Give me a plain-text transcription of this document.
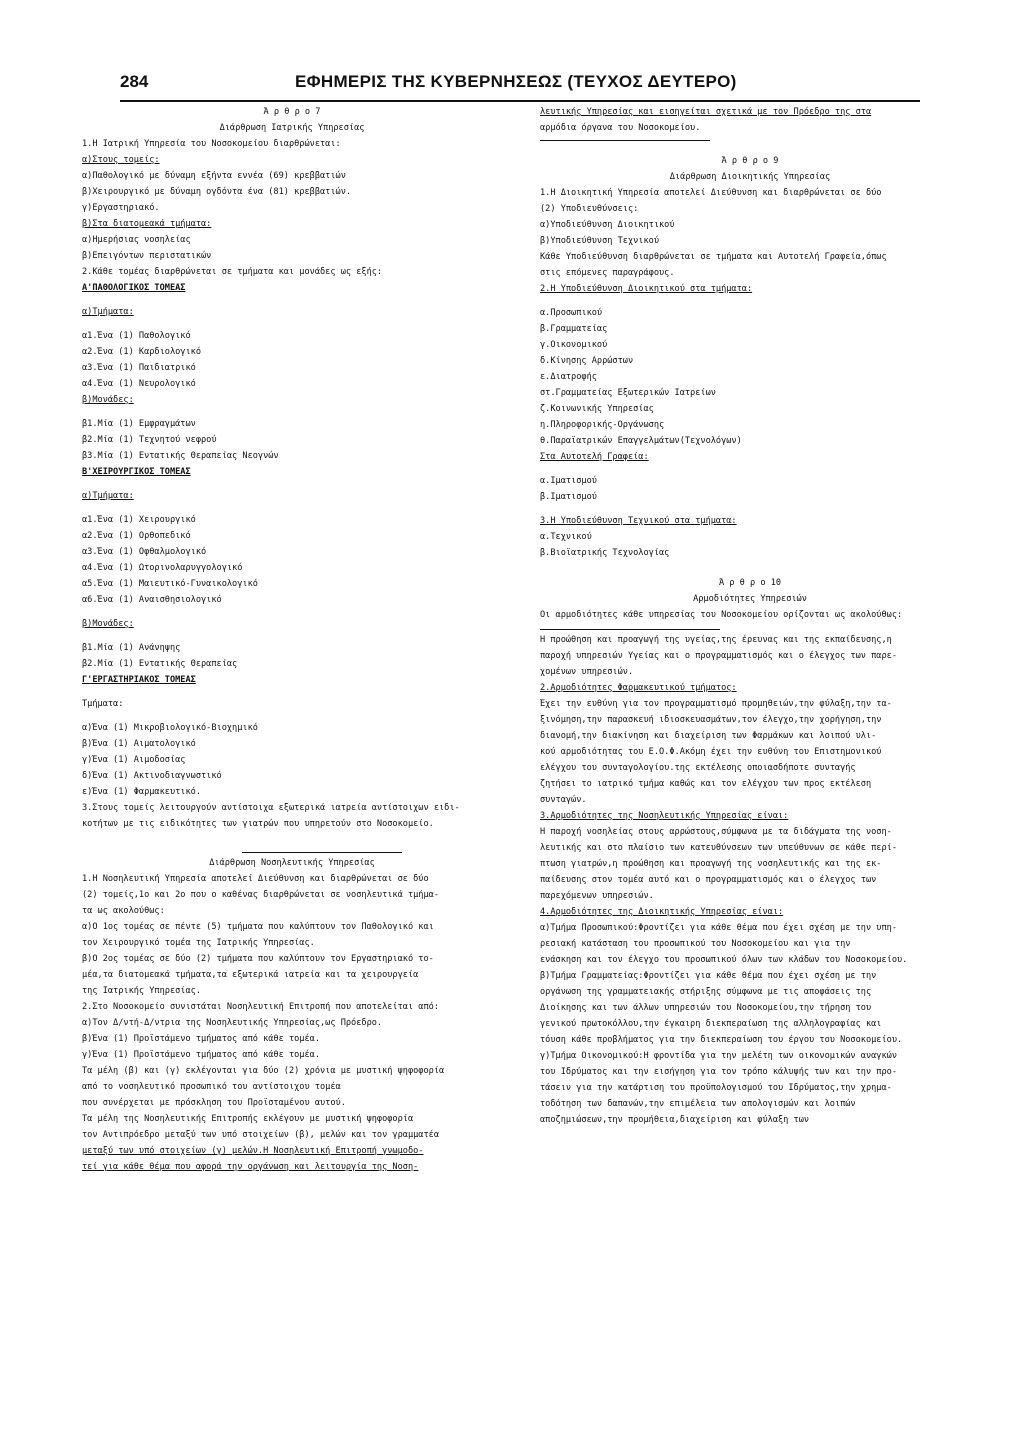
284	ΕΦΗΜΕΡΙΣ ΤΗΣ ΚΥΒΕΡΝΗΣΕΩΣ (ΤΕΥΧΟΣ ΔΕΥΤΕΡΟ)
Ά ρ θ ρ ο 7
Διάρθρωση Ιατρικής Υπηρεσίας
1.Η Ιατρική Υπηρεσία του Νοσοκομείου διαρθρώνεται:
α)Στους τομείς:
α)Παθολογικό με δύναμη εξήντα εννέα (69) κρεββατιών
β)Χειρουργικό με δύναμη ογδόντα ένα (81) κρεββατιών.
γ)Εργαστηριακό.
β)Στα διατομεακά τμήματα:
α)Ημερήσιας νοσηλείας
β)Επειγόντων περιστατικών
2.Κάθε τομέας διαρθρώνεται σε τμήματα και μονάδες ως εξής:
Α'ΠΑΘΟΛΟΓΙΚΟΣ ΤΟΜΕΑΣ
α)Τμήματα:
α1.Ένα (1) Παθολογικό
α2.Ένα (1) Καρδιολογικό
α3.Ένα (1) Παιδιατρικό
α4.Ένα (1) Νευρολογικό
β)Μονάδες:
β1.Μία (1) Εμφραγμάτων
β2.Μία (1) Τεχνητού νεφρού
β3.Μία (1) Εντατικής Θεραπείας Νεογνών
Β'ΧΕΙΡΟΥΡΓΙΚΟΣ ΤΟΜΕΑΣ
α)Τμήματα:
α1.Ένα (1) Χειρουργικό
α2.Ένα (1) Ορθοπεδικό
α3.Ένα (1) Οφθαλμολογικό
α4.Ένα (1) Ωτορινολαρυγγολογικό
α5.Ένα (1) Μαιευτικό-Γυναικολογικό
α6.Ένα (1) Αναισθησιολογικό
β)Μονάδες:
β1.Μία (1) Ανάνηψης
β2.Μία (1) Εντατικής Θεραπείας
Γ'ΕΡΓΑΣΤΗΡΙΑΚΟΣ ΤΟΜΕΑΣ
Τμήματα:
α)Ένα (1) Μικροβιολογικό-Βιοχημικό
β)Ένα (1) Αιματολογικό
γ)Ένα (1) Αιμοδοσίας
δ)Ένα (1) Ακτινοδιαγνωστικό
ε)Ένα (1) Φαρμακευτικό.
3.Στους τομείς λειτουργούν αντίστοιχα εξωτερικά ιατρεία αντίστοιχων ειδι-
κοτήτων με τις ειδικότητες των γιατρών που υπηρετούν στο Νοσοκομείο.
Διάρθρωση Νοσηλευτικής Υπηρεσίας
1.Η Νοσηλευτική Υπηρεσία αποτελεί Διεύθυνση και διαρθρώνεται σε δύο
(2) τομείς,1ο και 2ο που ο καθένας διαρθρώνεται σε νοσηλευτικά τμήμα-
τα ως ακολούθως:
α)Ο 1ος τομέας σε πέντε (5) τμήματα που καλύπτουν τον Παθολογικό και
τον Χειρουργικό τομέα της Ιατρικής Υπηρεσίας.
β)Ο 2ος τομέας σε δύο (2) τμήματα που καλύπτουν τον Εργαστηριακό το-
μέα,τα διατομεακά τμήματα,τα εξωτερικά ιατρεία και τα χειρουργεία
της Ιατρικής Υπηρεσίας.
2.Στο Νοσοκομείο συνιστάται Νοσηλευτική Επιτροπή που αποτελείται από:
α)Τον Δ/ντή-Δ/ντρια της Νοσηλευτικής Υπηρεσίας,ως Πρόεδρο.
β)Ένα (1) Προϊστάμενο τμήματος από κάθε τομέα.
γ)Ένα (1) Προϊστάμενο τμήματος από κάθε τομέα.
Τα μέλη (β) και (γ) εκλέγονται για δύο (2) χρόνια με μυστική ψηφοφορία
από το νοσηλευτικό προσωπικό του αντίστοιχου τομέα
που συνέρχεται με πρόσκληση του Προϊσταμένου αυτού.
Τα μέλη της Νοσηλευτικής Επιτροπής εκλέγουν με μυστική ψηφοφορία
τον Αντιπρόεδρο μεταξύ των υπό στοιχείων (β), μελών και τον γραμματέα
μεταξύ των υπό στοιχείων (γ) μελών.Η Νοσηλευτική Επιτροπή γνωμοδο-
τεί για κάθε θέμα που αφορά την οργάνωση και λειτουργία της Νοση-
λευτικής Υπηρεσίας και εισηγείται σχετικά με τον Πρόεδρο της στα
αρμόδια όργανα του Νοσοκομείου.
Ά ρ θ ρ ο 9
Διάρθρωση Διοικητικής Υπηρεσίας
1.Η Διοικητική Υπηρεσία αποτελεί Διεύθυνση και διαρθρώνεται σε δύο
(2) Υποδιευθύνσεις:
α)Υποδιεύθυνση Διοικητικού
β)Υποδιεύθυνση Τεχνικού
Κάθε Υποδιεύθυνση διαρθρώνεται σε τμήματα και Αυτοτελή Γραφεία,όπως
στις επόμενες παραγράφους.
2.Η Υποδιεύθυνση Διοικητικού στα τμήματα:
α.Προσωπικού
β.Γραμματείας
γ.Οικονομικού
δ.Κίνησης Αρρώστων
ε.Διατροφής
στ.Γραμματείας Εξωτερικών Ιατρείων
ζ.Κοινωνικής Υπηρεσίας
η.Πληροφορικής-Οργάνωσης
θ.Παραϊατρικών Επαγγελμάτων(Τεχνολόγων)
Στα Αυτοτελή Γραφεία:
α.Ιματισμού
β.Ιματισμού
3.Η Υποδιεύθυνση Τεχνικού στα τμήματα:
α.Τεχνικού
β.Βιοϊατρικής Τεχνολογίας
Ά ρ θ ρ ο 10
Αρμοδιότητες Υπηρεσιών
Οι αρμοδιότητες κάθε υπηρεσίας του Νοσοκομείου ορίζονται ως ακολούθως:
Η προώθηση και προαγωγή της υγείας,της έρευνας και της εκπαίδευσης,η
παροχή υπηρεσιών Υγείας και ο προγραμματισμός και ο έλεγχος των παρε-
χομένων υπηρεσιών.
2.Αρμοδιότητες Φαρμακευτικού τμήματος:
Έχει την ευθύνη για τον προγραμματισμό προμηθειών,την φύλαξη,την τα-
ξινόμηση,την παρασκευή ιδιοσκευασμάτων,τον έλεγχο,την χορήγηση,την
διανομή,την διακίνηση και διαχείριση των Φαρμάκων και λοιπού υλι-
κού αρμοδιότητας του Ε.Ο.Φ.Ακόμη έχει την ευθύνη του Επιστημονικού
ελέγχου του συνταγολογίου.της εκτέλεσης οποιασδήποτε συνταγής
ζητήσει το ιατρικό τμήμα καθώς και τον ελέγχου των προς εκτέλεση
συνταγών.
3.Αρμοδιότητες της Νοσηλευτικής Υπηρεσίας είναι:
Η παροχή νοσηλείας στους αρρώστους,σύμφωνα με τα διδάγματα της νοση-
λευτικής και στο πλαίσιο των κατευθύνσεων των υπεύθυνων σε κάθε περί-
πτωση γιατρών,η προώθηση και προαγωγή της νοσηλευτικής και της εκ-
παίδευσης στον τομέα αυτό και ο προγραμματισμός και ο έλεγχος των
παρεχόμενων υπηρεσιών.
4.Αρμοδιότητες της Διοικητικής Υπηρεσίας είναι:
α)Τμήμα Προσωπικού:Φροντίζει για κάθε θέμα που έχει σχέση με την υπη-
ρεσιακή κατάσταση του προσωπικού του Νοσοκομείου και για την
ενάσκηση και τον έλεγχο του προσωπικού όλων των κλάδων του Νοσοκομείου.
β)Τμήμα Γραμματείας:Φροντίζει για κάθε θέμα που έχει σχέση με την
οργάνωση της γραμματειακής στήριξης σύμφωνα με τις αποφάσεις της
Διοίκησης και των άλλων υπηρεσιών του Νοσοκομείου,την τήρηση του
γενικού πρωτοκόλλου,την έγκαιρη διεκπεραίωση της αλληλογραφίας και
τόυση κάθε προβλήματος για την διεκπεραίωση του έργου του Νοσοκομείου.
γ)Τμήμα Οικονομικού:Η φροντίδα για την μελέτη των οικονομικών αναγκών
του Ιδρύματος και την εισήγηση για τον τρόπο κάλυψής των και την προ-
τάσειν για την κατάρτιση του προϋπολογισμού του Ιδρύματος,την χρημα-
τοδότηση των δαπανών,την επιμέλεια των απολογισμών και λοιπών
αποζημιώσεων,την προμήθεια,διαχείριση και φύλαξη των
